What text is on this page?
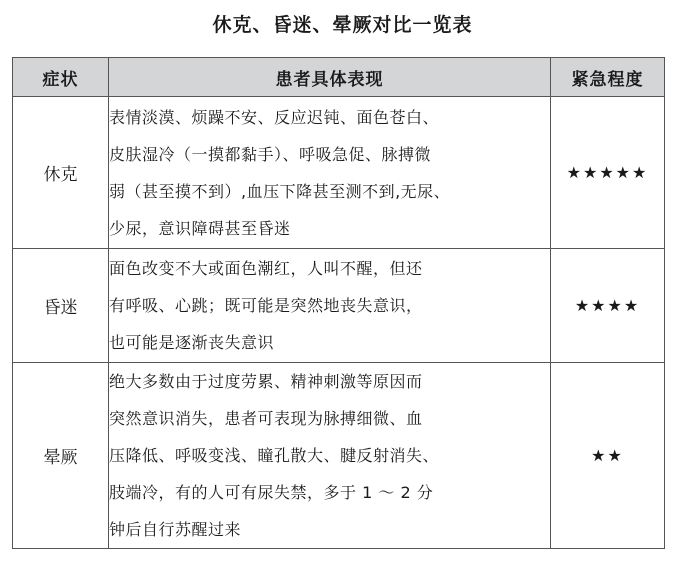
休克、昏迷、晕厥对比一览表
症状	患者具体表现	紧急程度
休克	表情淡漠、烦躁不安、反应迟钝、面色苍白、
皮肤湿冷（一摸都黏手）、呼吸急促、脉搏微
弱（甚至摸不到）,血压下降甚至测不到,无尿、
少尿，意识障碍甚至昏迷	★★★★★
昏迷	面色改变不大或面色潮红，人叫不醒，但还
有呼吸、心跳；既可能是突然地丧失意识，
也可能是逐渐丧失意识	★★★★
晕厥	绝大多数由于过度劳累、精神刺激等原因而
突然意识消失，患者可表现为脉搏细微、血
压降低、呼吸变浅、瞳孔散大、腱反射消失、
肢端冷，有的人可有尿失禁，多于 1 ～ 2 分
钟后自行苏醒过来	★★
